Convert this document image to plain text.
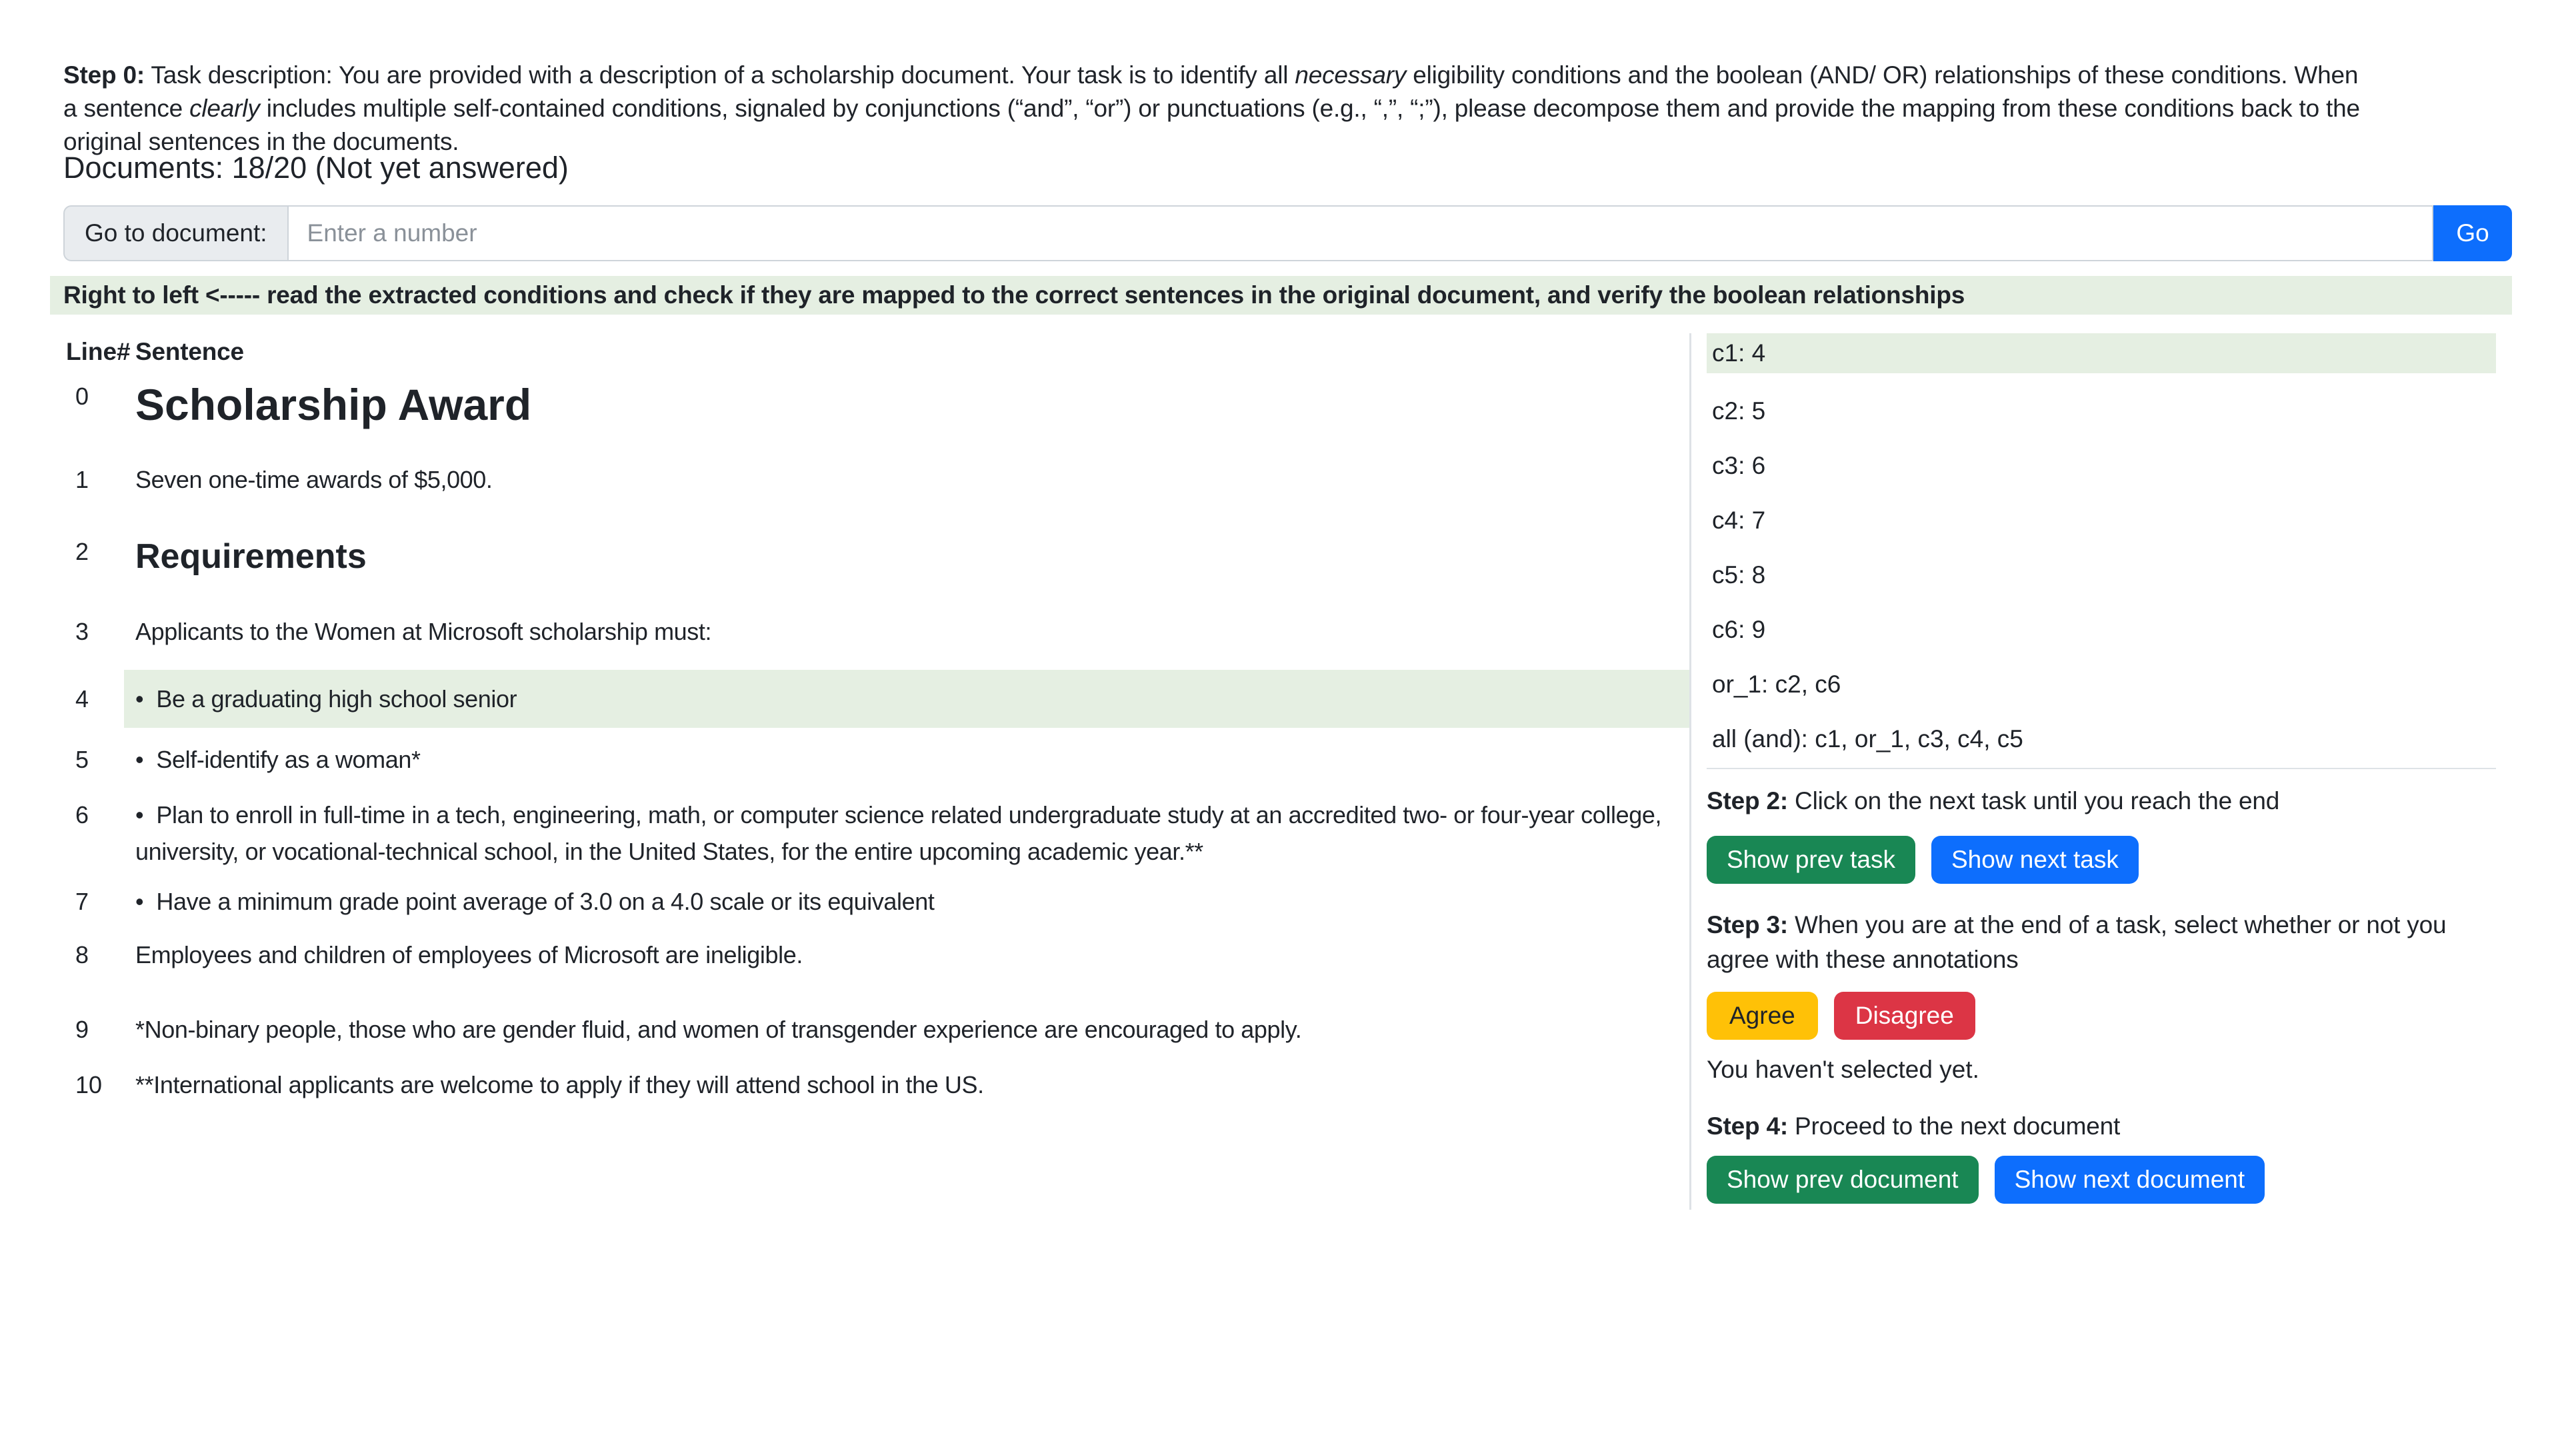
Step 0: Task description: You are provided with a description of a scholarship document. Your task is to identify all necessary eligibility conditions and the boolean (AND/ OR) relationships of these conditions. When a sentence clearly includes multiple self-contained conditions, signaled by conjunctions (“and”, “or”) or punctuations (e.g., “,”, “;”), please decompose them and provide the mapping from these conditions back to the original sentences in the documents.

Documents: 18/20 (Not yet answered)
Go to document:
Enter a number	Go
Right to left <----- read the extracted conditions and check if they are mapped to the correct sentences in the original document, and verify the boolean relationships
Line# Sentence
0	Scholarship Award
1	Seven one-time awards of $5,000.
2	Requirements
3	Applicants to the Women at Microsoft scholarship must:
4	•  Be a graduating high school senior
5	•  Self-identify as a woman*
6	•  Plan to enroll in full-time in a tech, engineering, math, or computer science related undergraduate study at an accredited two- or four-year college, university, or vocational-technical school, in the United States, for the entire upcoming academic year.**
7	•  Have a minimum grade point average of 3.0 on a 4.0 scale or its equivalent
8	Employees and children of employees of Microsoft are ineligible.
9	*Non-binary people, those who are gender fluid, and women of transgender experience are encouraged to apply.
10	**International applicants are welcome to apply if they will attend school in the US.
c1: 4
c2: 5
c3: 6
c4: 7
c5: 8
c6: 9
or_1: c2, c6
all (and): c1, or_1, c3, c4, c5

Step 2: Click on the next task until you reach the end

Show prev task	Show next task

Step 3: When you are at the end of a task, select whether or not you agree with these annotations

Agree	Disagree
You haven't selected yet.

Step 4: Proceed to the next document

Show prev document	Show next document
